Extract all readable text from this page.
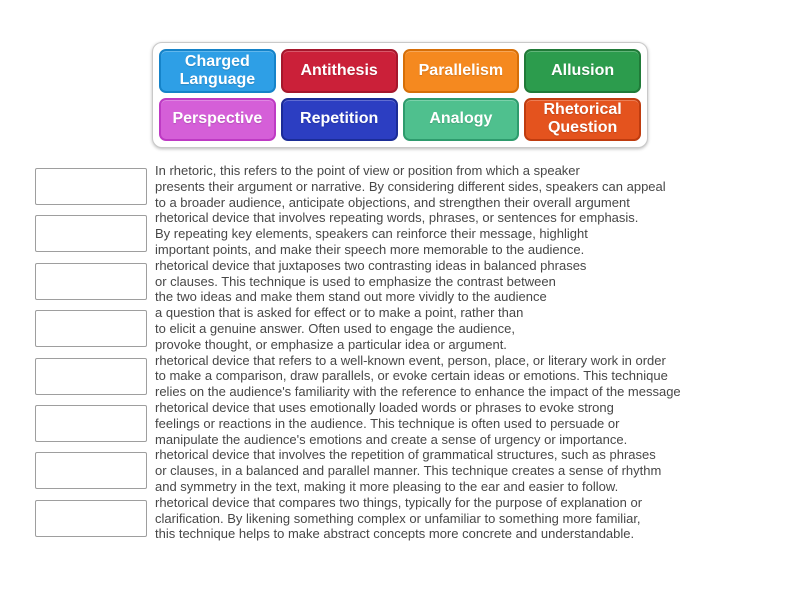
Charged Language
Antithesis	Parallelism	Allusion
Perspective Repetition	Analogy
Rhetorical Question
In rhetoric, this refers to the point of view or position from which a speaker
presents their argument or narrative. By considering different sides, speakers can appeal
to a broader audience, anticipate objections, and strengthen their overall argument
rhetorical device that involves repeating words, phrases, or sentences for emphasis.
By repeating key elements, speakers can reinforce their message, highlight
important points, and make their speech more memorable to the audience.
rhetorical device that juxtaposes two contrasting ideas in balanced phrases
or clauses. This technique is used to emphasize the contrast between
the two ideas and make them stand out more vividly to the audience
a question that is asked for effect or to make a point, rather than
to elicit a genuine answer. Often used to engage the audience,
provoke thought, or emphasize a particular idea or argument.
rhetorical device that refers to a well-known event, person, place, or literary work in order
to make a comparison, draw parallels, or evoke certain ideas or emotions. This technique
relies on the audience's familiarity with the reference to enhance the impact of the message
rhetorical device that uses emotionally loaded words or phrases to evoke strong
feelings or reactions in the audience. This technique is often used to persuade or
manipulate the audience's emotions and create a sense of urgency or importance.
rhetorical device that involves the repetition of grammatical structures, such as phrases
or clauses, in a balanced and parallel manner. This technique creates a sense of rhythm
and symmetry in the text, making it more pleasing to the ear and easier to follow.
rhetorical device that compares two things, typically for the purpose of explanation or
clarification. By likening something complex or unfamiliar to something more familiar,
this technique helps to make abstract concepts more concrete and understandable.
